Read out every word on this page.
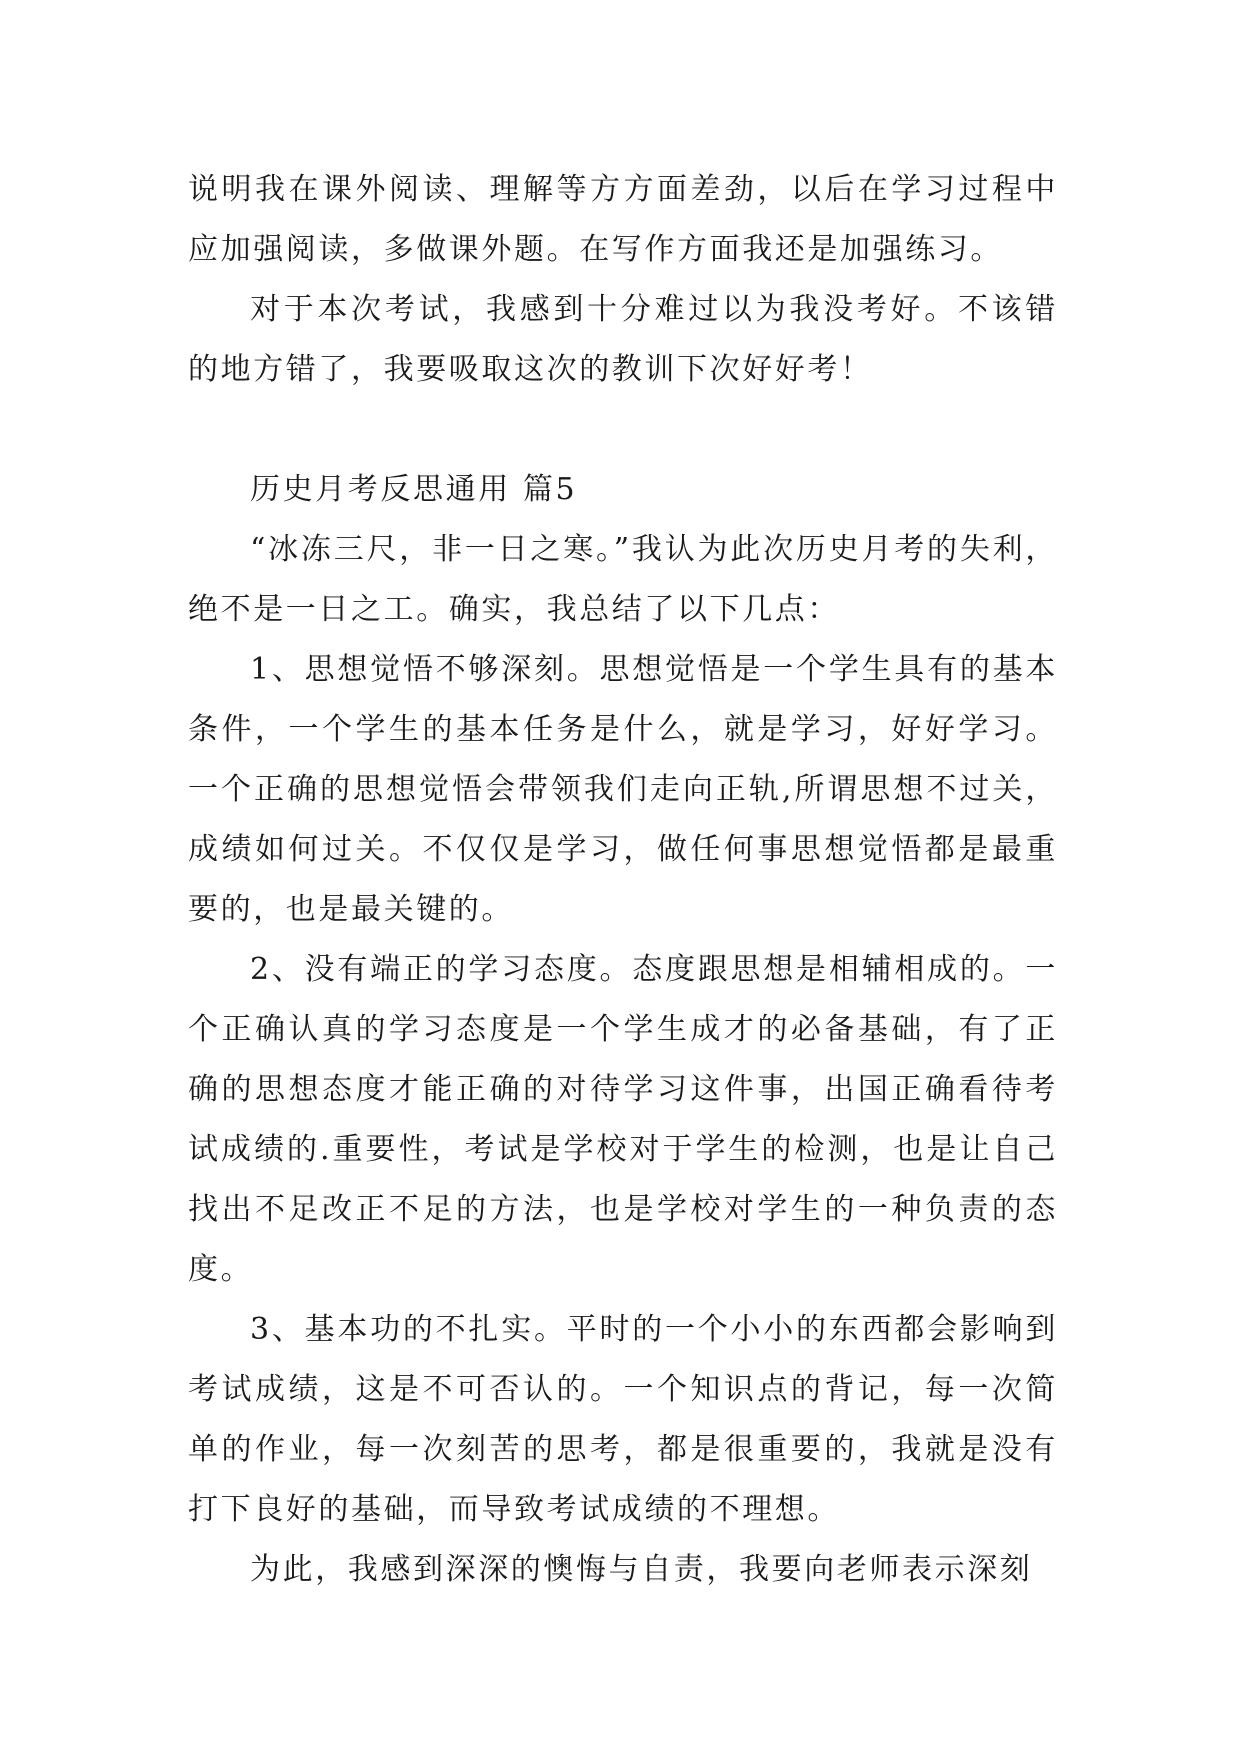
说明我在课外阅读、理解等方方面差劲，以后在学习过程中应加强阅读，多做课外题。在写作方面我还是加强练习。

对于本次考试，我感到十分难过以为我没考好。不该错的地方错了，我要吸取这次的教训下次好好考！

历史月考反思通用 篇5

“冰冻三尺，非一日之寒。”我认为此次历史月考的失利，绝不是一日之工。确实，我总结了以下几点：

1、思想觉悟不够深刻。思想觉悟是一个学生具有的基本条件，一个学生的基本任务是什么，就是学习，好好学习。一个正确的思想觉悟会带领我们走向正轨,所谓思想不过关，成绩如何过关。不仅仅是学习，做任何事思想觉悟都是最重要的，也是最关键的。

2、没有端正的学习态度。态度跟思想是相辅相成的。一个正确认真的学习态度是一个学生成才的必备基础，有了正确的思想态度才能正确的对待学习这件事，出国正确看待考试成绩的.重要性，考试是学校对于学生的检测，也是让自己找出不足改正不足的方法，也是学校对学生的一种负责的态度。

3、基本功的不扎实。平时的一个小小的东西都会影响到考试成绩，这是不可否认的。一个知识点的背记，每一次简单的作业，每一次刻苦的思考，都是很重要的，我就是没有打下良好的基础，而导致考试成绩的不理想。

为此，我感到深深的懊悔与自责，我要向老师表示深刻
